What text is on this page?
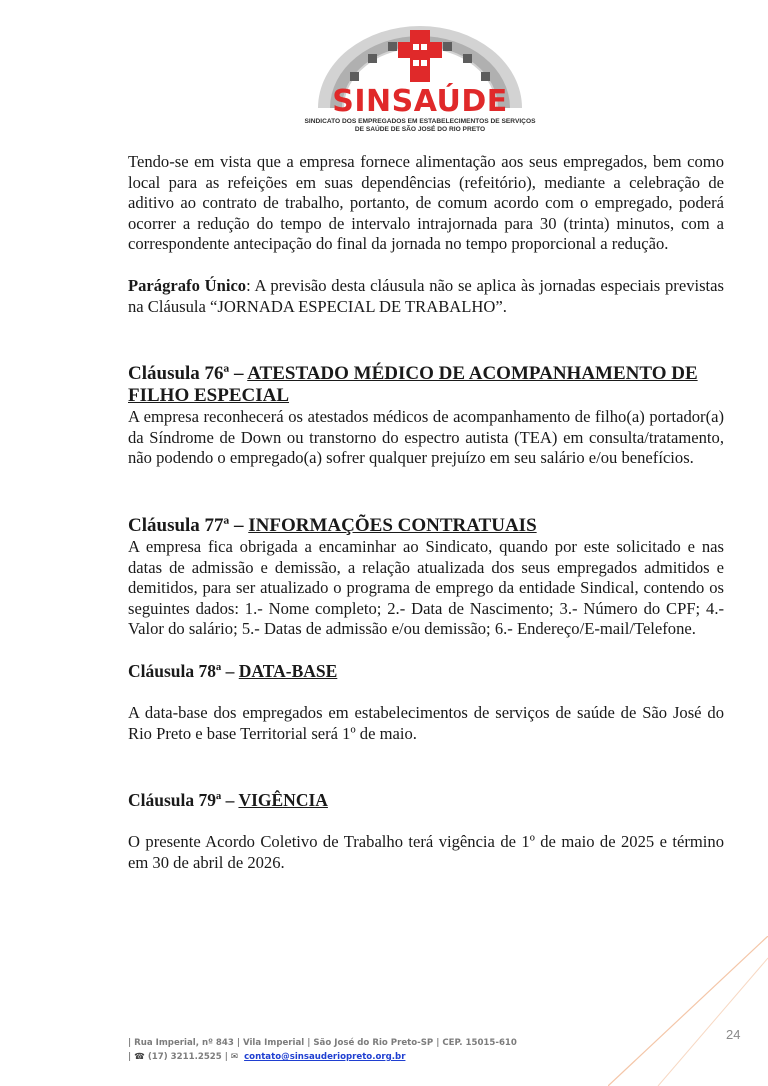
SINSAÚDE
SINDICATO DOS EMPREGADOS EM ESTABELECIMENTOS DE SERVIÇOS
DE SAÚDE DE SÃO JOSÉ DO RIO PRETO

Tendo-se em vista que a empresa fornece alimentação aos seus empregados, bem como local para as refeições em suas dependências (refeitório), mediante a celebração de aditivo ao contrato de trabalho, portanto, de comum acordo com o empregado, poderá ocorrer a redução do tempo de intervalo intrajornada para 30 (trinta) minutos, com a correspondente antecipação do final da jornada no tempo proporcional a redução.

Parágrafo Único: A previsão desta cláusula não se aplica às jornadas especiais previstas na Cláusula “JORNADA ESPECIAL DE TRABALHO”.

Cláusula 76ª – ATESTADO MÉDICO DE ACOMPANHAMENTO DE FILHO ESPECIAL

A empresa reconhecerá os atestados médicos de acompanhamento de filho(a) portador(a) da Síndrome de Down ou transtorno do espectro autista (TEA) em consulta/tratamento, não podendo o empregado(a) sofrer qualquer prejuízo em seu salário e/ou benefícios.

Cláusula 77ª – INFORMAÇÕES CONTRATUAIS

A empresa fica obrigada a encaminhar ao Sindicato, quando por este solicitado e nas datas de admissão e demissão, a relação atualizada dos seus empregados admitidos e demitidos, para ser atualizado o programa de emprego da entidade Sindical, contendo os seguintes dados: 1.- Nome completo; 2.- Data de Nascimento; 3.- Número do CPF; 4.- Valor do salário; 5.- Datas de admissão e/ou demissão; 6.- Endereço/E-mail/Telefone.

Cláusula 78ª – DATA-BASE

A data-base dos empregados em estabelecimentos de serviços de saúde de São José do Rio Preto e base Territorial será 1º de maio.

Cláusula 79ª – VIGÊNCIA

O presente Acordo Coletivo de Trabalho terá vigência de 1º de maio de 2025 e término em 30 de abril de 2026.

24
| Rua Imperial, nº 843 | Vila Imperial | São José do Rio Preto-SP | CEP. 15015-610
| ☎ (17) 3211.2525 | ✉ contato@sinsauderiopreto.org.br
